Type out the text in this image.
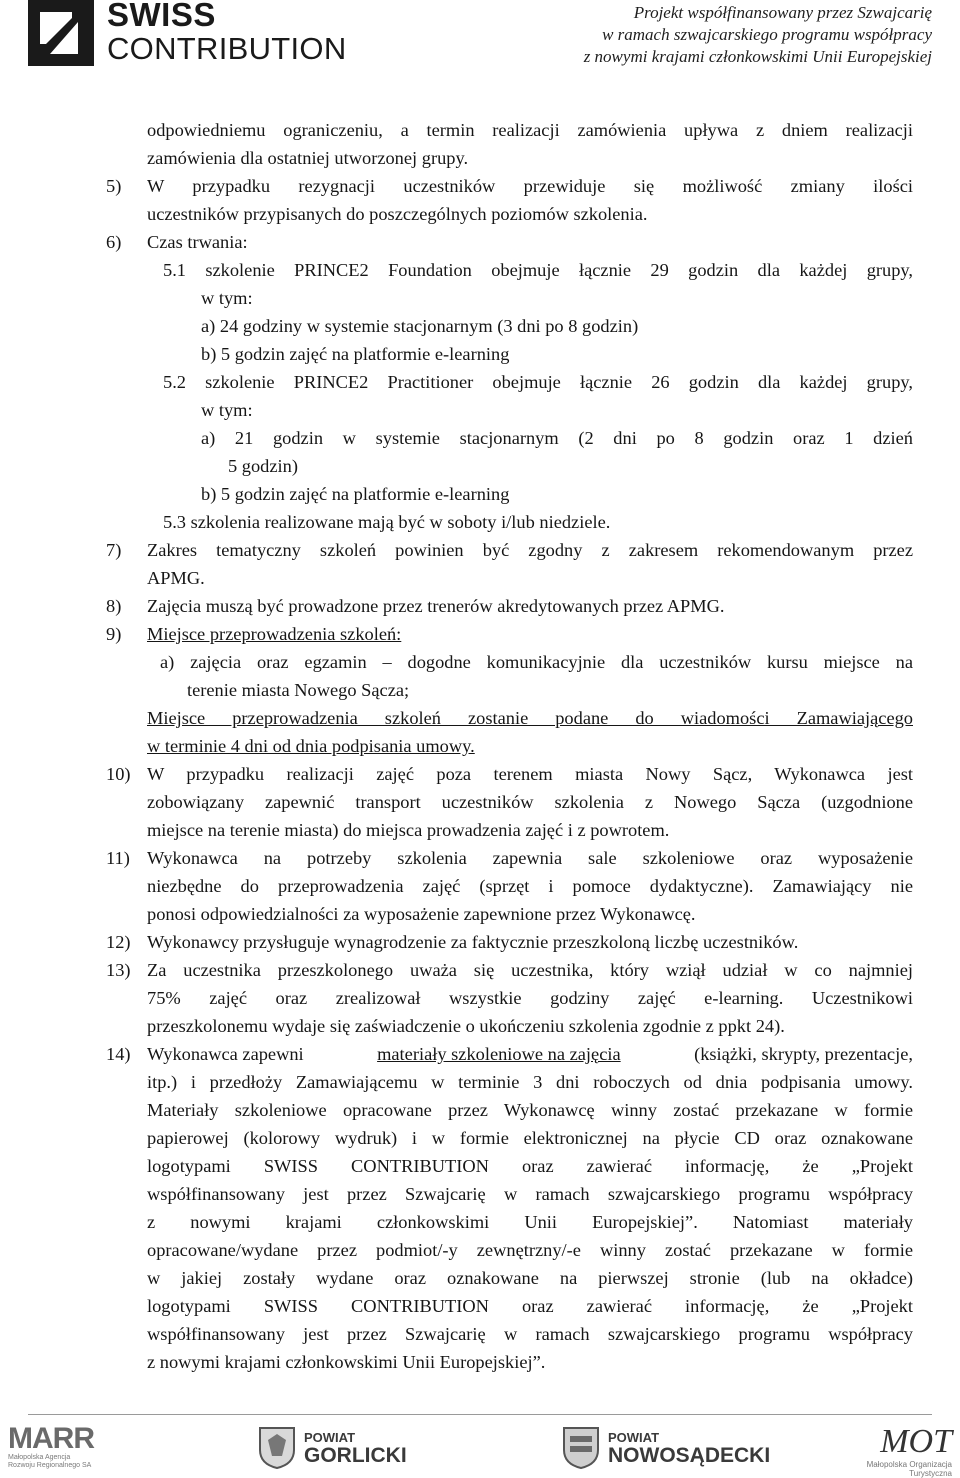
SWISS
CONTRIBUTION
Projekt współfinansowany przez Szwajcarię
w ramach szwajcarskiego programu współpracy
z nowymi krajami członkowskimi Unii Europejskiej
odpowiedniemu ograniczeniu, a termin realizacji zamówienia upływa z dniem realizacji
zamówienia dla ostatniej utworzonej grupy.
5) W przypadku rezygnacji uczestników przewiduje się możliwość zmiany ilości
uczestników przypisanych do poszczególnych poziomów szkolenia.
6) Czas trwania:
5.1 szkolenie PRINCE2 Foundation obejmuje łącznie 29 godzin dla każdej grupy,
w tym:
a) 24 godziny w systemie stacjonarnym (3 dni po 8 godzin)
b) 5 godzin zajęć na platformie e-learning
5.2 szkolenie PRINCE2 Practitioner obejmuje łącznie 26 godzin dla każdej grupy,
w tym:
a) 21 godzin w systemie stacjonarnym (2 dni po 8 godzin oraz 1 dzień
5 godzin)
b) 5 godzin zajęć na platformie e-learning
5.3 szkolenia realizowane mają być w soboty i/lub niedziele.
7) Zakres tematyczny szkoleń powinien być zgodny z zakresem rekomendowanym przez
APMG.
8) Zajęcia muszą być prowadzone przez trenerów akredytowanych przez APMG.
9) Miejsce przeprowadzenia szkoleń:
a) zajęcia oraz egzamin – dogodne komunikacyjnie dla uczestników kursu miejsce na
terenie miasta Nowego Sącza;
Miejsce przeprowadzenia szkoleń zostanie podane do wiadomości Zamawiającego
w terminie 4 dni od dnia podpisania umowy.
10) W przypadku realizacji zajęć poza terenem miasta Nowy Sącz, Wykonawca jest
zobowiązany zapewnić transport uczestników szkolenia z Nowego Sącza (uzgodnione
miejsce na terenie miasta) do miejsca prowadzenia zajęć i z powrotem.
11) Wykonawca na potrzeby szkolenia zapewnia sale szkoleniowe oraz wyposażenie
niezbędne do przeprowadzenia zajęć (sprzęt i pomoce dydaktyczne). Zamawiający nie
ponosi odpowiedzialności za wyposażenie zapewnione przez Wykonawcę.
12) Wykonawcy przysługuje wynagrodzenie za faktycznie przeszkoloną liczbę uczestników.
13) Za uczestnika przeszkolonego uważa się uczestnika, który wziął udział w co najmniej
75% zajęć oraz zrealizował wszystkie godziny zajęć e-learning. Uczestnikowi
przeszkolonemu wydaje się zaświadczenie o ukończeniu szkolenia zgodnie z ppkt 24).
14) Wykonawca zapewni	materiały szkoleniowe na zajęcia	(książki, skrypty, prezentacje,
itp.) i przedłoży Zamawiającemu w terminie 3 dni roboczych od dnia podpisania umowy.
Materiały szkoleniowe opracowane przez Wykonawcę winny zostać przekazane w formie
papierowej (kolorowy wydruk) i w formie elektronicznej na płycie CD oraz oznakowane
logotypami SWISS CONTRIBUTION oraz zawierać informację, że „Projekt
współfinansowany jest przez Szwajcarię w ramach szwajcarskiego programu współpracy
z nowymi krajami członkowskimi Unii Europejskiej”. Natomiast materiały
opracowane/wydane przez podmiot/-y zewnętrzny/-e winny zostać przekazane w formie
w jakiej zostały wydane oraz oznakowane na pierwszej stronie (lub na okładce)
logotypami SWISS CONTRIBUTION oraz zawierać informację, że „Projekt
współfinansowany jest przez Szwajcarię w ramach szwajcarskiego programu współpracy
z nowymi krajami członkowskimi Unii Europejskiej”.
MARR
Małopolska Agencja
Rozwoju Regionalnego SA
POWIAT
GORLICKI
POWIAT
NOWOSĄDECKI	MOT
Małopolska Organizacja Turystyczna
